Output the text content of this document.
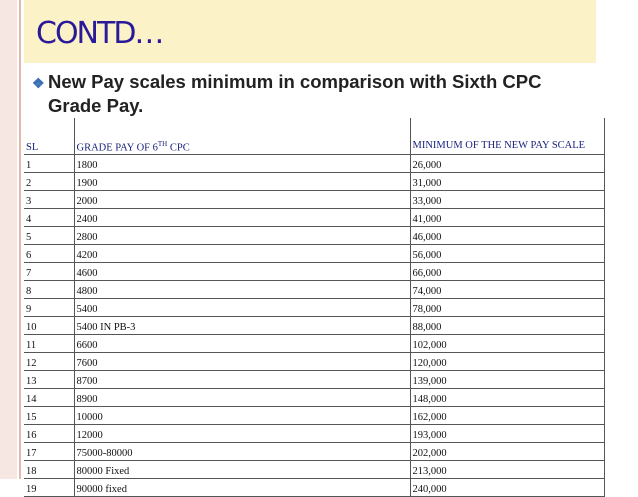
CONTD…
❖ New Pay scales minimum in comparison with Sixth CPC Grade Pay.
SL	GRADE PAY OF 6TH CPC	MINIMUM OF THE NEW PAY SCALE
1	1800	26,000
2	1900	31,000
3	2000	33,000
4	2400	41,000
5	2800	46,000
6	4200	56,000
7	4600	66,000
8	4800	74,000
9	5400	78,000
10	5400 IN PB-3	88,000
11	6600	102,000
12	7600	120,000
13	8700	139,000
14	8900	148,000
15	10000	162,000
16	12000	193,000
17	75000-80000	202,000
18	80000 Fixed	213,000
19	90000 fixed	240,000
